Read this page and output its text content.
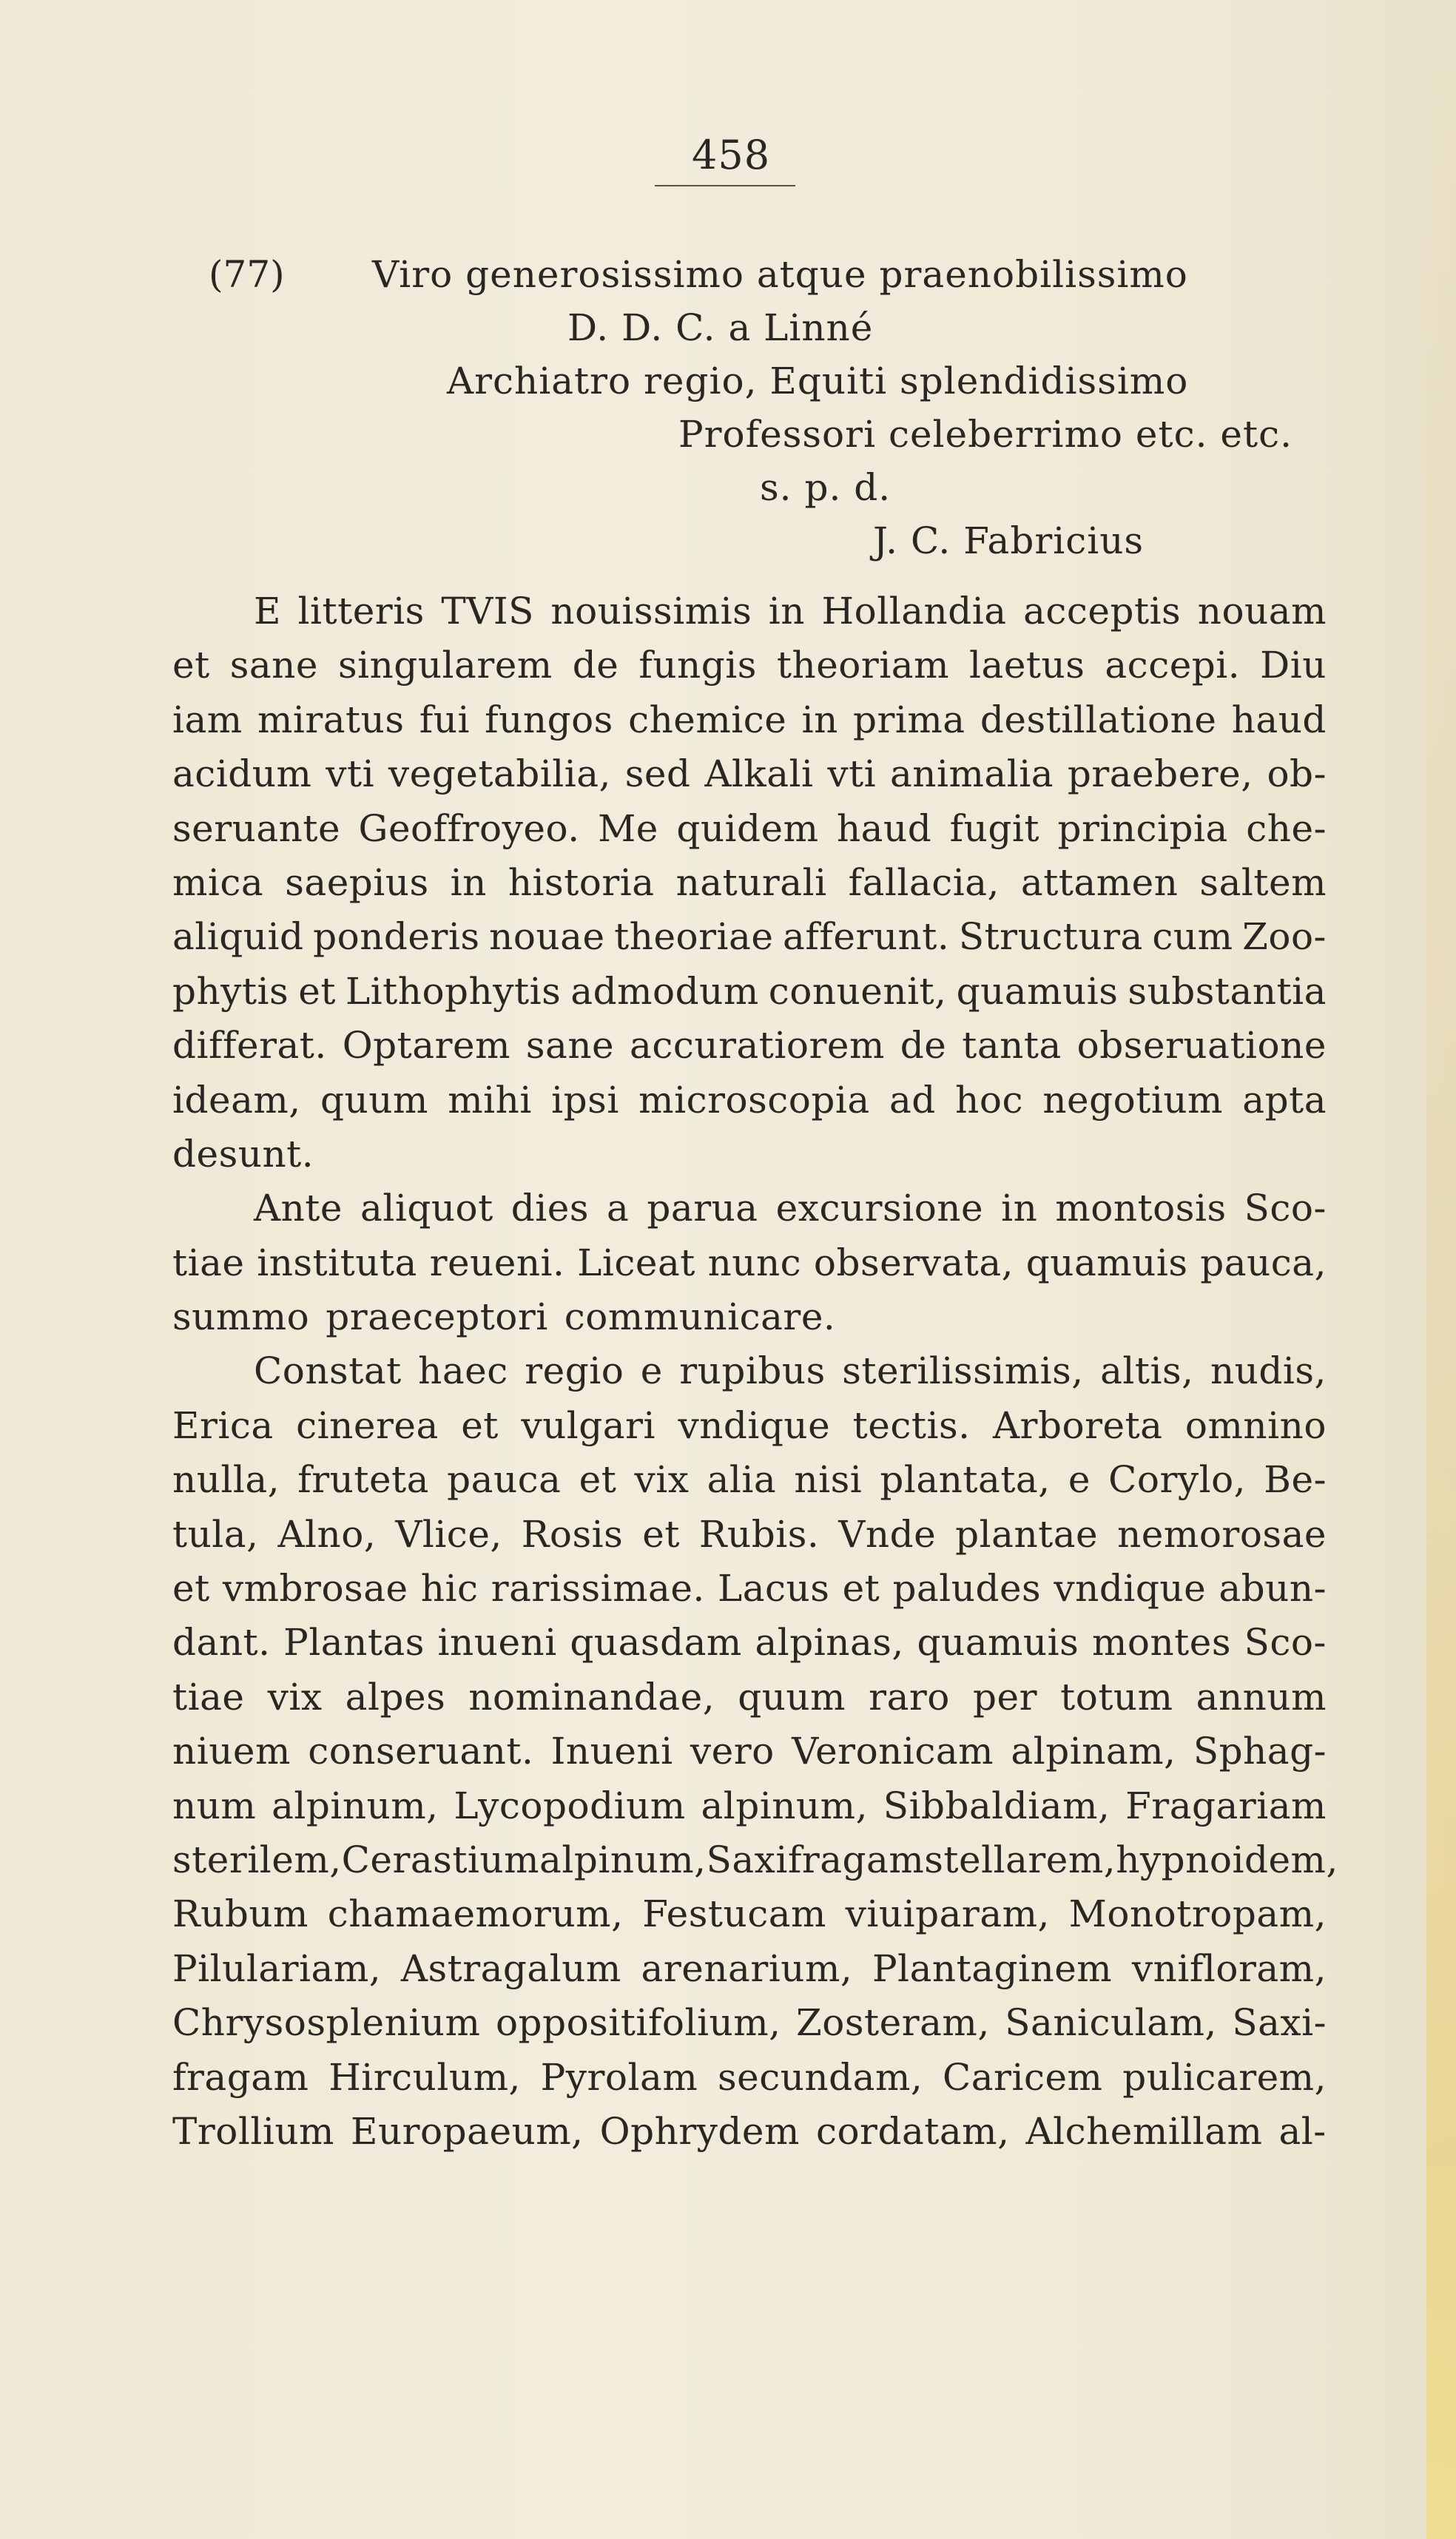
458
(77) Viro generosissimo atque praenobilissimo
D. D. C. a Linné
Archiatro regio, Equiti splendidissimo
Professori celeberrimo etc. etc.
s. p. d.
J. C. Fabricius
E litteris TVIS nouissimis in Hollandia acceptis nouam
et sane singularem de fungis theoriam laetus accepi. Diu
iam miratus fui fungos chemice in prima destillatione haud
acidum vti vegetabilia, sed Alkali vti animalia praebere, ob-
seruante Geoffroyeo. Me quidem haud fugit principia che-
mica saepius in historia naturali fallacia, attamen saltem
aliquid ponderis nouae theoriae afferunt. Structura cum Zoo-
phytis et Lithophytis admodum conuenit, quamuis substantia
differat. Optarem sane accuratiorem de tanta obseruatione
ideam, quum mihi ipsi microscopia ad hoc negotium apta
desunt.
Ante aliquot dies a parua excursione in montosis Sco-
tiae instituta reueni. Liceat nunc observata, quamuis pauca,
summo praeceptori communicare.
Constat haec regio e rupibus sterilissimis, altis, nudis,
Erica cinerea et vulgari vndique tectis. Arboreta omnino
nulla, fruteta pauca et vix alia nisi plantata, e Corylo, Be-
tula, Alno, Vlice, Rosis et Rubis. Vnde plantae nemorosae
et vmbrosae hic rarissimae. Lacus et paludes vndique abun-
dant. Plantas inueni quasdam alpinas, quamuis montes Sco-
tiae vix alpes nominandae, quum raro per totum annum
niuem conseruant. Inueni vero Veronicam alpinam, Sphag-
num alpinum, Lycopodium alpinum, Sibbaldiam, Fragariam
sterilem, Cerastium alpinum, Saxifragam stellarem, hypnoidem,
Rubum chamaemorum, Festucam viuiparam, Monotropam,
Pilulariam, Astragalum arenarium, Plantaginem vnifloram,
Chrysosplenium oppositifolium, Zosteram, Saniculam, Saxi-
fragam Hirculum, Pyrolam secundam, Caricem pulicarem,
Trollium Europaeum, Ophrydem cordatam, Alchemillam al-
